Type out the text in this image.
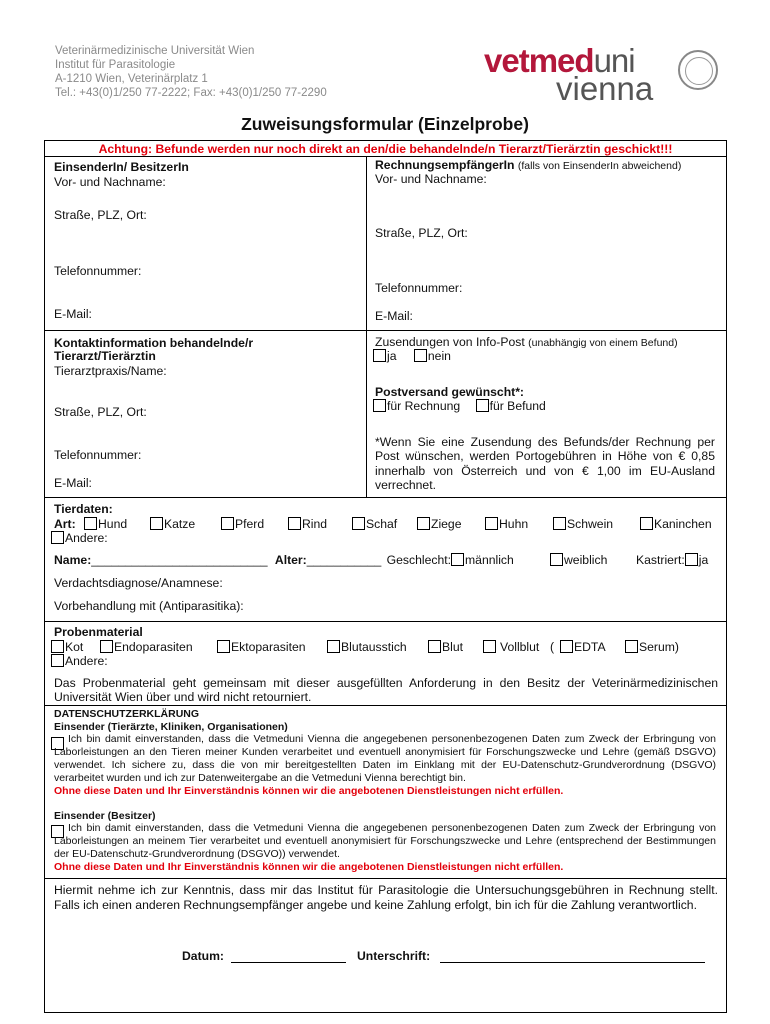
Veterinärmedizinische Universität Wien
Institut für Parasitologie
A-1210 Wien, Veterinärplatz 1
Tel.: +43(0)1/250 77-2222; Fax: +43(0)1/250 77-2290
vetmeduni
vienna
Zuweisungsformular (Einzelprobe)
Achtung: Befunde werden nur noch direkt an den/die behandelnde/n Tierarzt/Tierärztin geschickt!!!
EinsenderIn/ BesitzerIn
Vor- und Nachname:
Straße, PLZ, Ort:
Telefonnummer:
E-Mail:
RechnungsempfängerIn (falls von EinsenderIn abweichend)
Vor- und Nachname:
Straße, PLZ, Ort:
Telefonnummer:
E-Mail:
Kontaktinformation behandelnde/r
Tierarzt/Tierärztin
Tierarztpraxis/Name:
Straße, PLZ, Ort:
Telefonnummer:
E-Mail:
Zusendungen von Info-Post (unabhängig von einem Befund)
ja	nein
Postversand gewünscht*:
für Rechnung für Befund
*Wenn Sie eine Zusendung des Befunds/der Rechnung per Post wünschen, werden Portogebühren in Höhe von € 0,85 innerhalb von Österreich und von € 1,00 im EU-Ausland verrechnet.
Tierdaten:
Art:	Hund	Katze	Pferd	Rind	Schaf	Ziege	Huhn	Schwein	Kaninchen
Andere:
Name:__________________________ Alter:___________ Geschlecht: männlich	weiblich Kastriert: ja
Verdachtsdiagnose/Anamnese:
Vorbehandlung mit (Antiparasitika):
Probenmaterial
Kot	Endoparasiten	Ektoparasiten	Blutausstich	Blut	Vollblut (	EDTA	Serum)
Andere:
Das Probenmaterial geht gemeinsam mit dieser ausgefüllten Anforderung in den Besitz der Veterinärmedizinischen Universität Wien über und wird nicht retourniert.
DATENSCHUTZERKLÄRUNG
Einsender (Tierärzte, Kliniken, Organisationen)
Ich bin damit einverstanden, dass die Vetmeduni Vienna die angegebenen personenbezogenen Daten zum Zweck der Erbringung von Laborleistungen an den Tieren meiner Kunden verarbeitet und eventuell anonymisiert für Forschungszwecke und Lehre (gemäß DSGVO) verwendet. Ich sichere zu, dass die von mir bereitgestellten Daten im Einklang mit der EU-Datenschutz-Grundverordnung (DSGVO) verarbeitet wurden und ich zur Datenweitergabe an die Vetmeduni Vienna berechtigt bin.
Ohne diese Daten und Ihr Einverständnis können wir die angebotenen Dienstleistungen nicht erfüllen.
Einsender (Besitzer)
Ich bin damit einverstanden, dass die Vetmeduni Vienna die angegebenen personenbezogenen Daten zum Zweck der Erbringung von Laborleistungen an meinem Tier verarbeitet und eventuell anonymisiert für Forschungszwecke und Lehre (entsprechend der Bestimmungen der EU-Datenschutz-Grundverordnung (DSGVO)) verwendet.
Ohne diese Daten und Ihr Einverständnis können wir die angebotenen Dienstleistungen nicht erfüllen.
Hiermit nehme ich zur Kenntnis, dass mir das Institut für Parasitologie die Untersuchungsgebühren in Rechnung stellt. Falls ich einen anderen Rechnungsempfänger angebe und keine Zahlung erfolgt, bin ich für die Zahlung verantwortlich.
Datum:	Unterschrift:
